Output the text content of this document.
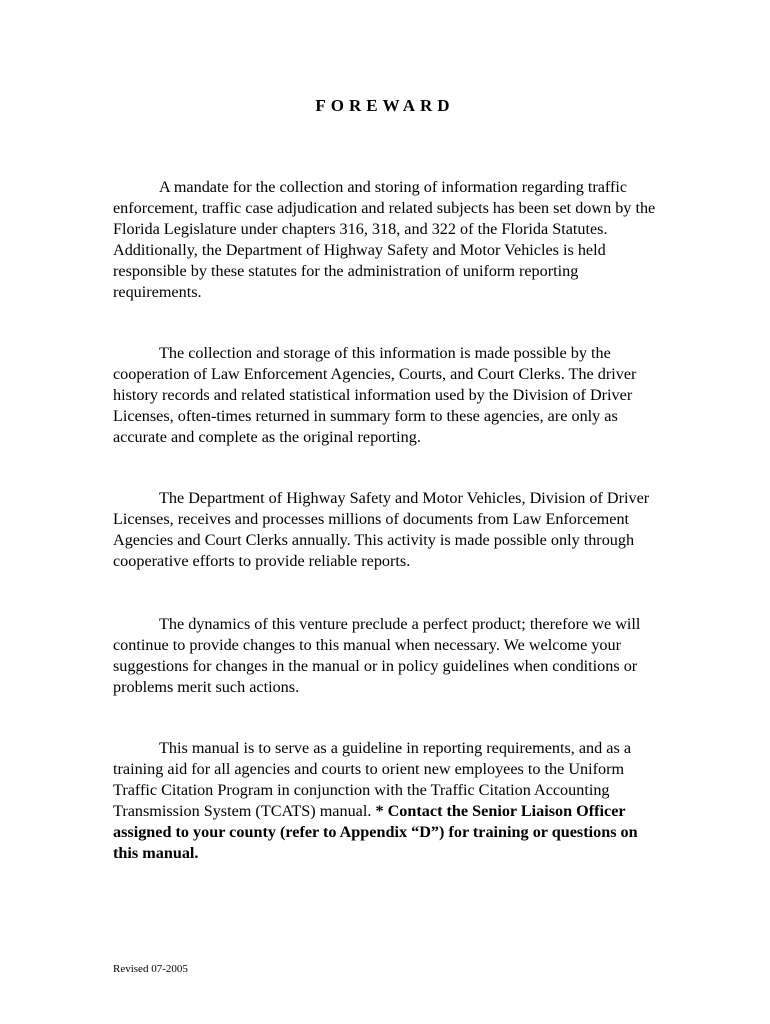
FOREWARD

A mandate for the collection and storing of information regarding traffic enforcement, traffic case adjudication and related subjects has been set down by the Florida Legislature under chapters 316, 318, and 322 of the Florida Statutes. Additionally, the Department of Highway Safety and Motor Vehicles is held responsible by these statutes for the administration of uniform reporting requirements.

The collection and storage of this information is made possible by the cooperation of Law Enforcement Agencies, Courts, and Court Clerks. The driver history records and related statistical information used by the Division of Driver Licenses, often-times returned in summary form to these agencies, are only as accurate and complete as the original reporting.

The Department of Highway Safety and Motor Vehicles, Division of Driver Licenses, receives and processes millions of documents from Law Enforcement Agencies and Court Clerks annually. This activity is made possible only through cooperative efforts to provide reliable reports.

The dynamics of this venture preclude a perfect product; therefore we will continue to provide changes to this manual when necessary. We welcome your suggestions for changes in the manual or in policy guidelines when conditions or problems merit such actions.

This manual is to serve as a guideline in reporting requirements, and as a training aid for all agencies and courts to orient new employees to the Uniform Traffic Citation Program in conjunction with the Traffic Citation Accounting Transmission System (TCATS) manual. * Contact the Senior Liaison Officer assigned to your county (refer to Appendix “D”) for training or questions on this manual.

Revised 07-2005
